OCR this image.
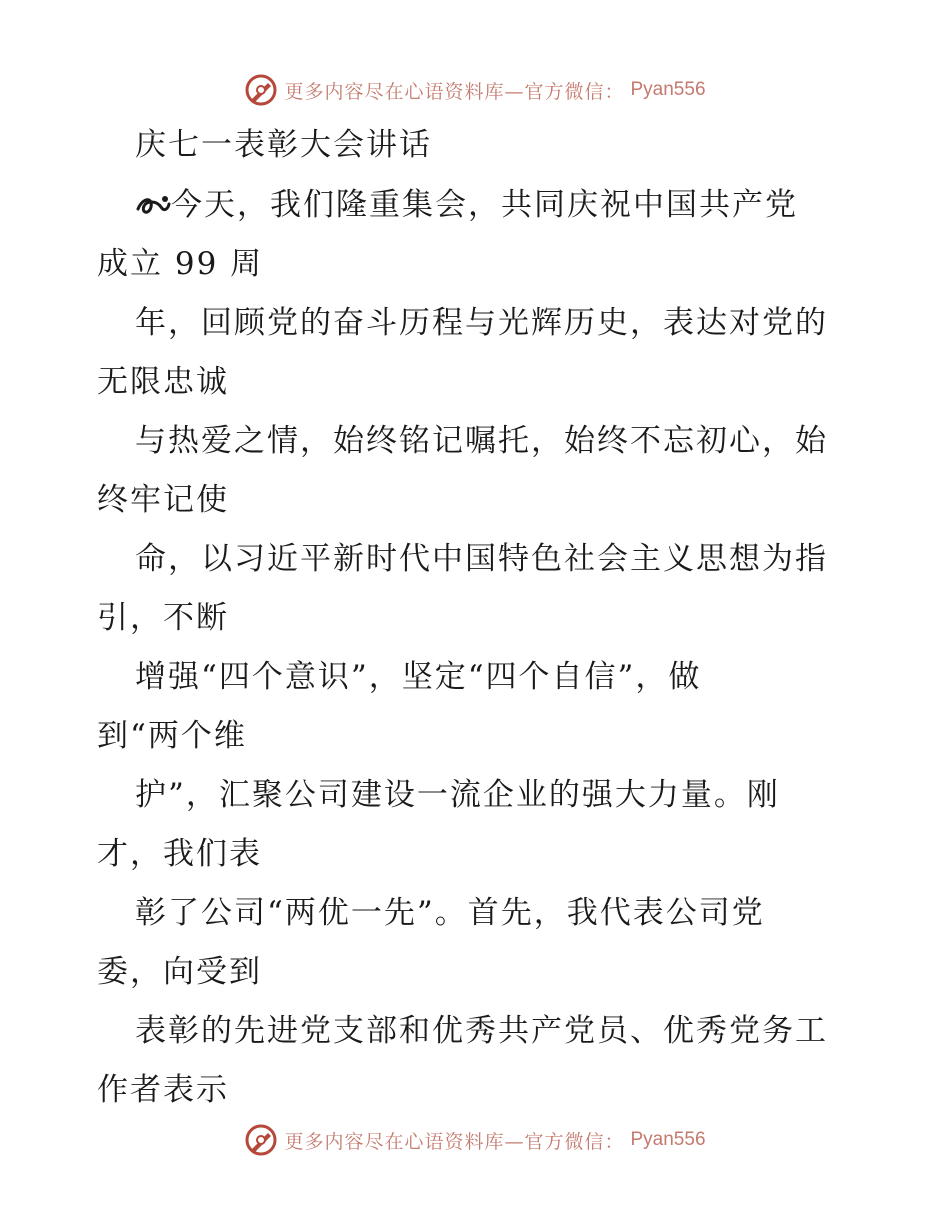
更多内容尽在心语资料库—官方微信： Pyan556
庆七一表彰大会讲话
今天，我们隆重集会，共同庆祝中国共产党
成立 99 周
年，回顾党的奋斗历程与光辉历史，表达对党的
无限忠诚
与热爱之情，始终铭记嘱托，始终不忘初心，始
终牢记使
命，以习近平新时代中国特色社会主义思想为指
引，不断
增强“四个意识”，坚定“四个自信”，做
到“两个维
护”，汇聚公司建设一流企业的强大力量。刚
才，我们表
彰了公司“两优一先”。首先，我代表公司党
委，向受到
表彰的先进党支部和优秀共产党员、优秀党务工
作者表示
更多内容尽在心语资料库—官方微信： Pyan556
